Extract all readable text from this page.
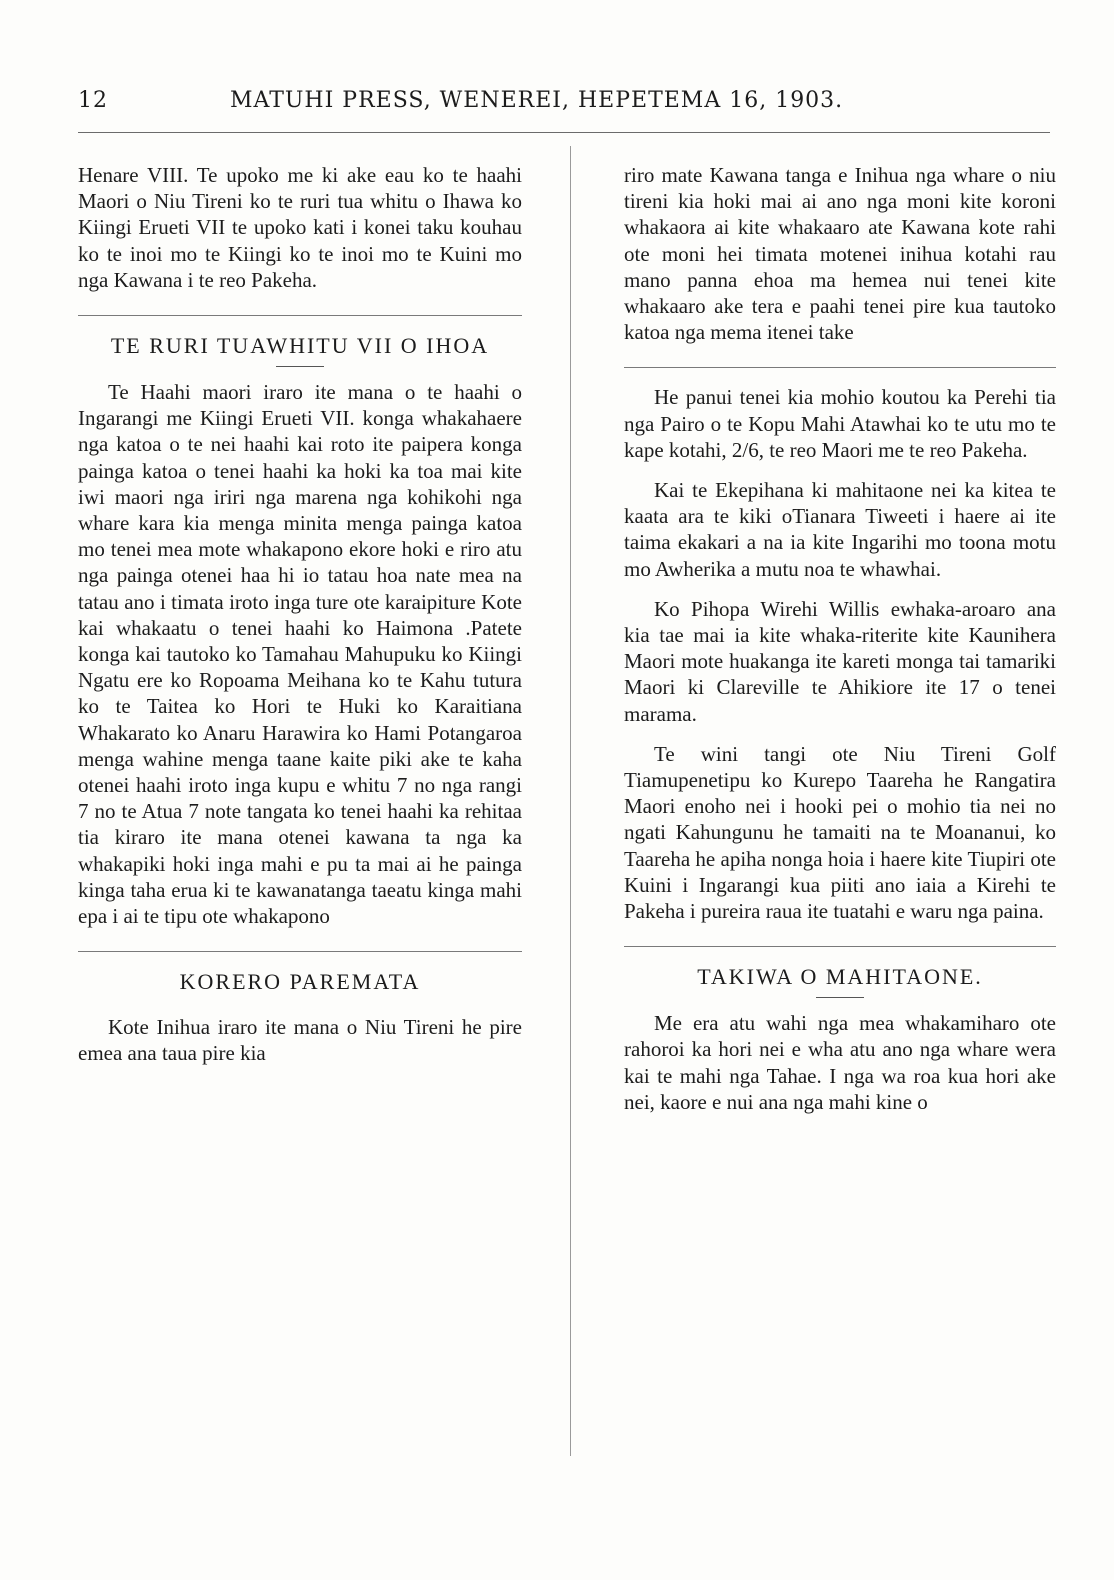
12	MATUHI PRESS, WENEREI, HEPETEMA 16, 1903.

Henare VIII. Te upoko me ki ake eau ko te haahi Maori o Niu Tireni ko te ruri tua whitu o Ihawa ko Kiingi Erueti VII te upoko kati i konei taku kouhau ko te inoi mo te Kiingi ko te inoi mo te Kuini mo nga Kawana i te reo Pakeha.

TE RURI TUAWHITU VII O IHOA

Te Haahi maori iraro ite mana o te haahi o Ingarangi me Kiingi Erueti VII. konga whakahaere nga katoa o te nei haahi kai roto ite paipera konga painga katoa o tenei haahi ka hoki ka toa mai kite iwi maori nga iriri nga marena nga kohikohi nga whare kara kia menga minita menga painga katoa mo tenei mea mote whakapono ekore hoki e riro atu nga painga otenei haa hi io tatau hoa nate mea na tatau ano i timata iroto inga ture ote karaipiture Kote kai whakaatu o tenei haahi ko Haimona .Patete konga kai tautoko ko Tamahau Mahupuku ko Kiingi Ngatu ere ko Ropoama Meihana ko te Kahu tutura ko te Taitea ko Hori te Huki ko Karaitiana Whakarato ko Anaru Harawira ko Hami Potangaroa menga wahine menga taane kaite piki ake te kaha otenei haahi iroto inga kupu e whitu 7 no nga rangi 7 no te Atua 7 note tangata ko tenei haahi ka rehitaa tia kiraro ite mana otenei kawana ta nga ka whakapiki hoki inga mahi e pu ta mai ai he painga kinga taha erua ki te kawanatanga taeatu kinga mahi epa i ai te tipu ote whakapono

KORERO PAREMATA

Kote Inihua iraro ite mana o Niu Tireni he pire emea ana taua pire kia

riro mate Kawana tanga e Inihua nga whare o niu tireni kia hoki mai ai ano nga moni kite koroni whakaora ai kite whakaaro ate Kawana kote rahi ote moni hei timata motenei inihua kotahi rau mano panna ehoa ma hemea nui tenei kite whakaaro ake tera e paahi tenei pire kua tautoko katoa nga mema itenei take

He panui tenei kia mohio koutou ka Perehi tia nga Pairo o te Kopu Mahi Atawhai ko te utu mo te kape kotahi, 2/6, te reo Maori me te reo Pakeha.

Kai te Ekepihana ki mahitaone nei ka kitea te kaata ara te kiki oTianara Tiweeti i haere ai ite taima ekakari a na ia kite Ingarihi mo toona motu mo Awherika a mutu noa te whawhai.

Ko Pihopa Wirehi Willis ewhaka-aroaro ana kia tae mai ia kite whaka-riterite kite Kaunihera Maori mote huakanga ite kareti monga tai tamariki Maori ki Clareville te Ahikiore ite 17 o tenei marama.

Te wini tangi ote Niu Tireni Golf Tiamupenetipu ko Kurepo Taareha he Rangatira Maori enoho nei i hooki pei o mohio tia nei no ngati Kahungunu he tamaiti na te Moananui, ko Taareha he apiha nonga hoia i haere kite Tiupiri ote Kuini i Ingarangi kua piiti ano iaia a Kirehi te Pakeha i pureira raua ite tuatahi e waru nga paina.

TAKIWA O MAHITAONE.

Me era atu wahi nga mea whakamiharo ote rahoroi ka hori nei e wha atu ano nga whare wera kai te mahi nga Tahae. I nga wa roa kua hori ake nei, kaore e nui ana nga mahi kine o
